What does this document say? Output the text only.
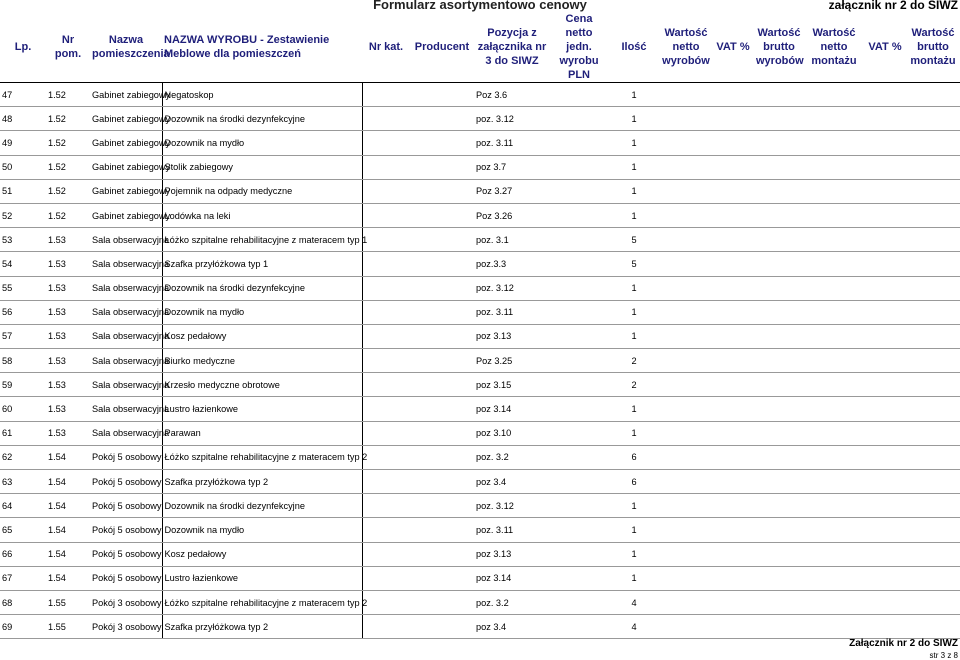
Formularz asortymentowo cenowy	załącznik nr 2 do SIWZ
Lp.	Nr pom.	Nazwa pomieszczenia	NAZWA WYROBU - Zestawienie Meblowe dla pomieszczeń	Nr kat.	Producent	Pozycja z załącznika nr 3 do SIWZ	Cena netto jedn. wyrobu PLN	Ilość	Wartość netto wyrobów	VAT %	Wartość brutto wyrobów	Wartość netto montażu	VAT %	Wartość brutto montażu
47	1.52	Gabinet zabiegowy	Negatoskop			Poz 3.6		1						
48	1.52	Gabinet zabiegowy	Dozownik na środki dezynfekcyjne			poz. 3.12		1						
49	1.52	Gabinet zabiegowy	Dozownik na mydło			poz. 3.11		1						
50	1.52	Gabinet zabiegowy	Stolik zabiegowy			poz 3.7		1						
51	1.52	Gabinet zabiegowy	Pojemnik na odpady medyczne			Poz 3.27		1						
52	1.52	Gabinet zabiegowy	Lodówka na leki			Poz 3.26		1						
53	1.53	Sala obserwacyjna	Łóżko szpitalne rehabilitacyjne z materacem typ 1			poz. 3.1		5						
54	1.53	Sala obserwacyjna	Szafka przyłóżkowa typ 1			poz.3.3		5						
55	1.53	Sala obserwacyjna	Dozownik na środki dezynfekcyjne			poz. 3.12		1						
56	1.53	Sala obserwacyjna	Dozownik na mydło			poz. 3.11		1						
57	1.53	Sala obserwacyjna	Kosz pedałowy			poz 3.13		1						
58	1.53	Sala obserwacyjna	Biurko medyczne			Poz 3.25		2						
59	1.53	Sala obserwacyjna	Krzesło medyczne obrotowe			poz 3.15		2						
60	1.53	Sala obserwacyjna	Lustro łazienkowe			poz 3.14		1						
61	1.53	Sala obserwacyjna	Parawan			poz 3.10		1						
62	1.54	Pokój 5 osobowy	Łóżko szpitalne rehabilitacyjne z materacem typ 2			poz. 3.2		6						
63	1.54	Pokój 5 osobowy	Szafka przyłóżkowa typ 2			poz 3.4		6						
64	1.54	Pokój 5 osobowy	Dozownik na środki dezynfekcyjne			poz. 3.12		1						
65	1.54	Pokój 5 osobowy	Dozownik na mydło			poz. 3.11		1						
66	1.54	Pokój 5 osobowy	Kosz pedałowy			poz 3.13		1						
67	1.54	Pokój 5 osobowy	Lustro łazienkowe			poz 3.14		1						
68	1.55	Pokój 3 osobowy	Łóżko szpitalne rehabilitacyjne z materacem typ 2			poz. 3.2		4						
69	1.55	Pokój 3 osobowy	Szafka przyłóżkowa typ 2			poz 3.4		4						
Załącznik nr 2 do SIWZ
str 3 z 8
